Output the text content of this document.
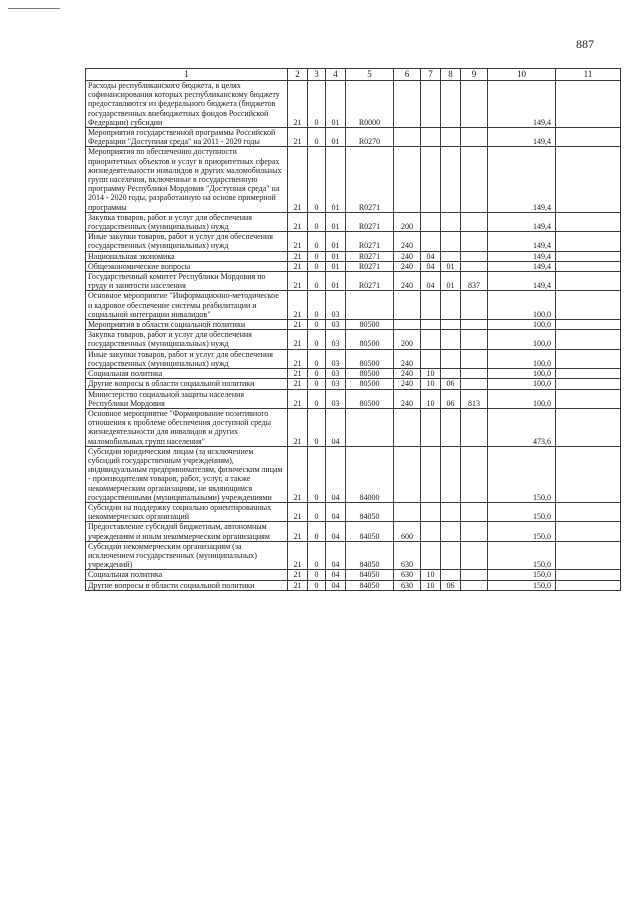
887
1	2	3	4	5	6	7	8	9	10	11
Расходы республиканского бюджета, в целях софинансирования которых республиканскому бюджету предоставляются из федерального бюджета (бюджетов государственных внебюджетных фондов Российской Федерации) субсидии	21	0	01	R0000					149,4	
Мероприятия государственной программы Российской Федерации "Доступная среда" на 2011 - 2020 годы	21	0	01	R0270					149,4	
Мероприятия по обеспечению доступности приоритетных объектов и услуг в приоритетных сферах жизнедеятельности инвалидов и других маломобильных групп населения, включенные в государственную программу Республики Мордовия "Доступная среда" на 2014 - 2020 годы, разработанную на основе примерной программы	21	0	01	R0271					149,4	
Закупка товаров, работ и услуг для обеспечения государственных (муниципальных) нужд	21	0	01	R0271	200				149,4	
Иные закупки товаров, работ и услуг для обеспечения государственных (муниципальных) нужд	21	0	01	R0271	240				149,4	
Национальная экономика	21	0	01	R0271	240	04			149,4	
Общеэкономические вопросы	21	0	01	R0271	240	04	01		149,4	
Государственный комитет Республики Мордовия по труду и занятости населения	21	0	01	R0271	240	04	01	837	149,4	
Основное мероприятие "Информационно-методическое и кадровое обеспечение системы реабилитации и социальной интеграции инвалидов"	21	0	03						100,0	
Мероприятия в области социальной политики	21	0	03	80500					100,0	
Закупка товаров, работ и услуг для обеспечения государственных (муниципальных) нужд	21	0	03	80500	200				100,0	
Иные закупки товаров, работ и услуг для обеспечения государственных (муниципальных) нужд	21	0	03	80500	240				100,0	
Социальная политика	21	0	03	80500	240	10			100,0	
Другие вопросы в области социальной политики	21	0	03	80500	240	10	06		100,0	
Министерство социальной защиты населения Республики Мордовия	21	0	03	80500	240	10	06	813	100,0	
Основное мероприятие "Формирование позитивного отношения к проблеме обеспечения доступной среды жизнедеятельности для инвалидов и других маломобильных групп населения"	21	0	04						473,6	
Субсидии юридическим лицам (за исключением субсидий государственным учреждениям), индивидуальным предпринимателям, физическим лицам - производителям товаров, работ, услуг, а также некоммерческим организациям, не являющимся государственными (муниципальными) учреждениями	21	0	04	84000					150,0	
Субсидии на поддержку социально ориентированных некоммерческих организаций	21	0	04	84050					150,0	
Предоставление субсидий бюджетным, автономным учреждениям и иным некоммерческим организациям	21	0	04	84050	600				150,0	
Субсидии некоммерческим организациям (за исключением государственных (муниципальных) учреждений)	21	0	04	84050	630				150,0	
Социальная политика	21	0	04	84050	630	10			150,0	
Другие вопросы в области социальной политики	21	0	04	84050	630	10	06		150,0	
